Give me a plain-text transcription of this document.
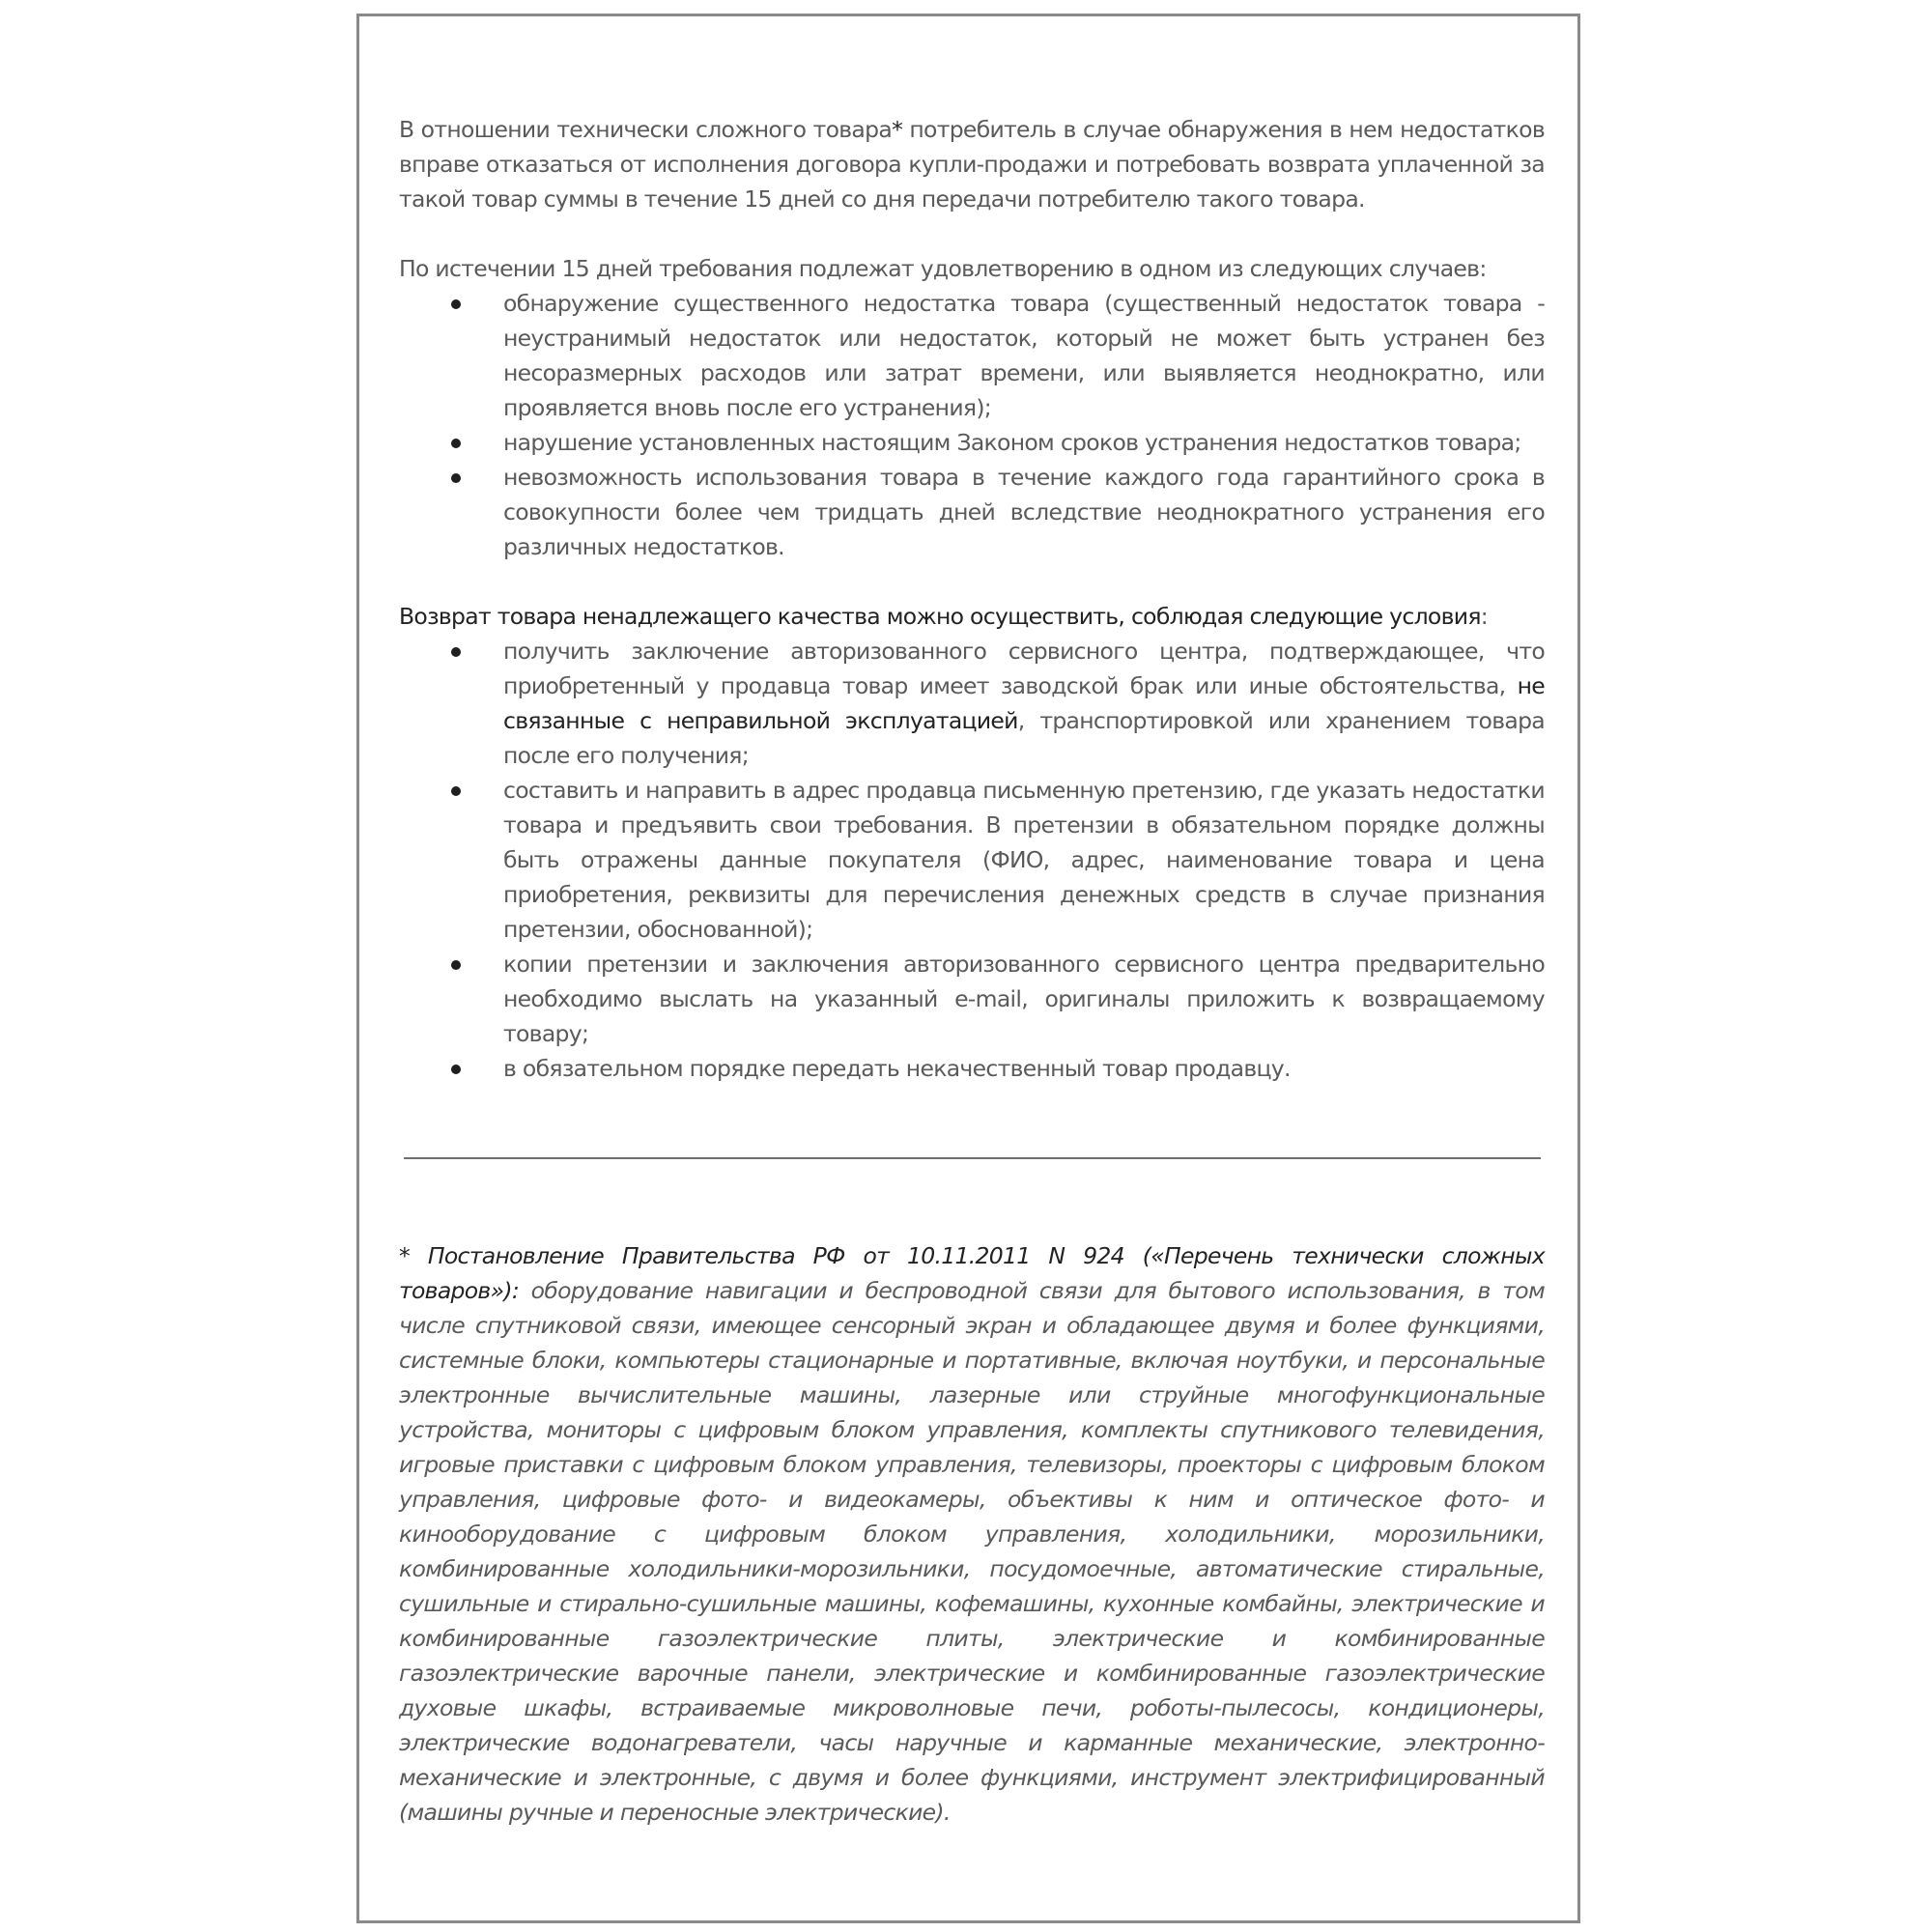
В отношении технически сложного товара* потребитель в случае обнаружения в нем недостатков вправе отказаться от исполнения договора купли-продажи и потребовать возврата уплаченной за такой товар суммы в течение 15 дней со дня передачи потребителю такого товара.

По истечении 15 дней требования подлежат удовлетворению в одном из следующих случаев:

обнаружение существенного недостатка товара (существенный недостаток товара - неустранимый недостаток или недостаток, который не может быть устранен без несоразмерных расходов или затрат времени, или выявляется неоднократно, или проявляется вновь после его устранения);
нарушение установленных настоящим Законом сроков устранения недостатков товара;
невозможность использования товара в течение каждого года гарантийного срока в совокупности более чем тридцать дней вследствие неоднократного устранения его различных недостатков.

Возврат товара ненадлежащего качества можно осуществить, соблюдая следующие условия:

получить заключение авторизованного сервисного центра, подтверждающее, что приобретенный у продавца товар имеет заводской брак или иные обстоятельства, не связанные с неправильной эксплуатацией, транспортировкой или хранением товара после его получения;
составить и направить в адрес продавца письменную претензию, где указать недостатки товара и предъявить свои требования. В претензии в обязательном порядке должны быть отражены данные покупателя (ФИО, адрес, наименование товара и цена приобретения, реквизиты для перечисления денежных средств в случае признания претензии, обоснованной);
копии претензии и заключения авторизованного сервисного центра предварительно необходимо выслать на указанный e-mail, оригиналы приложить к возвращаемому товару;
в обязательном порядке передать некачественный товар продавцу.
* Постановление Правительства РФ от 10.11.2011 N 924 («Перечень технически сложных товаров»): оборудование навигации и беспроводной связи для бытового использования, в том числе спутниковой связи, имеющее сенсорный экран и обладающее двумя и более функциями, системные блоки, компьютеры стационарные и портативные, включая ноутбуки, и персональные электронные вычислительные машины, лазерные или струйные многофункциональные устройства, мониторы с цифровым блоком управления, комплекты спутникового телевидения, игровые приставки с цифровым блоком управления, телевизоры, проекторы с цифровым блоком управления, цифровые фото- и видеокамеры, объективы к ним и оптическое фото- и кинооборудование с цифровым блоком управления, холодильники, морозильники, комбинированные холодильники-морозильники, посудомоечные, автоматические стиральные, сушильные и стирально-сушильные машины, кофемашины, кухонные комбайны, электрические и комбинированные газоэлектрические плиты, электрические и комбинированные газоэлектрические варочные панели, электрические и комбинированные газоэлектрические духовые шкафы, встраиваемые микроволновые печи, роботы-пылесосы, кондиционеры, электрические водонагреватели, часы наручные и карманные механические, электронно-механические и электронные, с двумя и более функциями, инструмент электрифицированный (машины ручные и переносные электрические).
